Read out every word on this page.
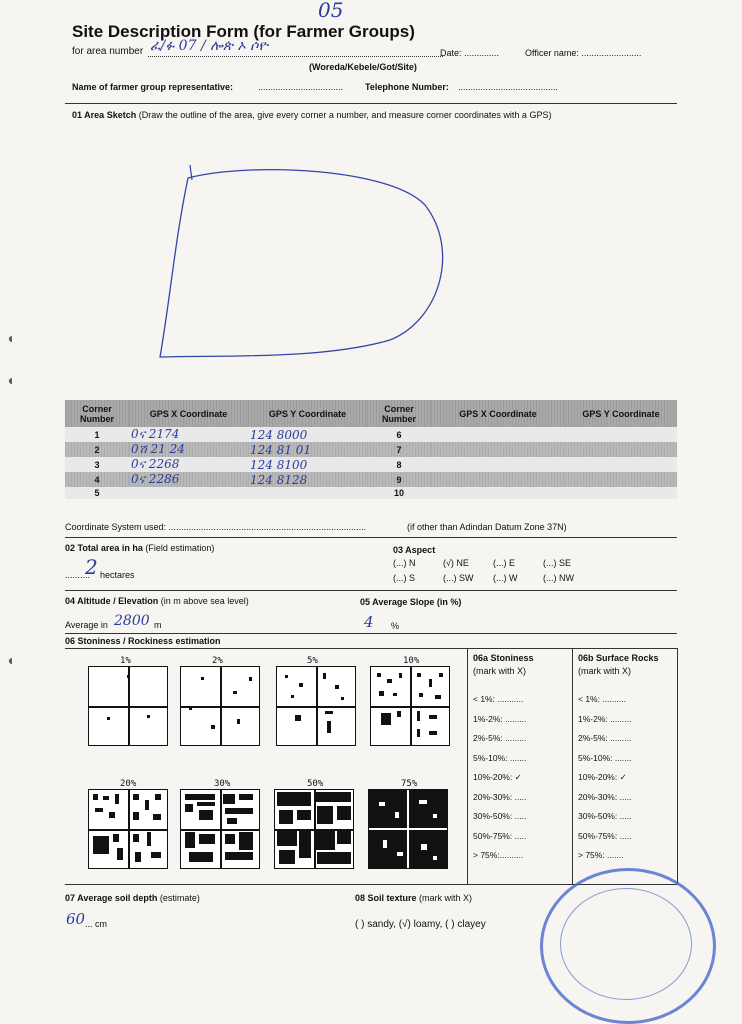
05
Site Description Form (for Farmer Groups)
for area number ፈ/ፉ 07 / ሎጵ ኦ ሶዮ
(Woreda/Kebele/Got/Site)
Date: ..............	Officer name: ........................
Name of farmer group representative:	.................................. Telephone Number: ........................................
01 Area Sketch (Draw the outline of the area, give every corner a number, and measure corner coordinates with a GPS)
Corner Number	GPS X Coordinate	GPS Y Coordinate	Corner Number	GPS X Coordinate	GPS Y Coordinate
1	0ና 2174	124 8000	6		
2	0ሽ 21 24	124 81 01	7		
3	0ና 2268	124 8100	8		
4	0ና 2286	124 8128	9		
5			10		
Coordinate System used: ...............................................................................	(if other than Adindan Datum Zone 37N)
02 Total area in ha (Field estimation)
..........
2 hectares
03 Aspect
(...) N	(√) NE	(...) E	(...) SE
(...) S	(...) SW	(...) W	(...) NW
04 Altitude / Elevation (in m above sea level)
Average in 2800 m
05 Average Slope (in %)
4 %
06 Stoniness / Rockiness estimation
1%	2%	5%	10%
20%	30%	50%	75%
06a Stoniness
(mark with X)
06b Surface Rocks
(mark with X)
< 1%: ...........
1%-2%: .........
2%-5%: .........
5%-10%: .......
10%-20%: ✓
20%-30%: .....
30%-50%: .....
50%-75%: .....
> 75%:..........
< 1%: ..........
1%-2%: .........
2%-5%: .........
5%-10%: .......
10%-20%: ✓
20%-30%: .....
30%-50%: .....
50%-75%: .....
> 75%: .......
07 Average soil depth (estimate)
60 ... cm
08 Soil texture (mark with X)
( ) sandy, (√) loamy, ( ) clayey
◖
◖
◖
